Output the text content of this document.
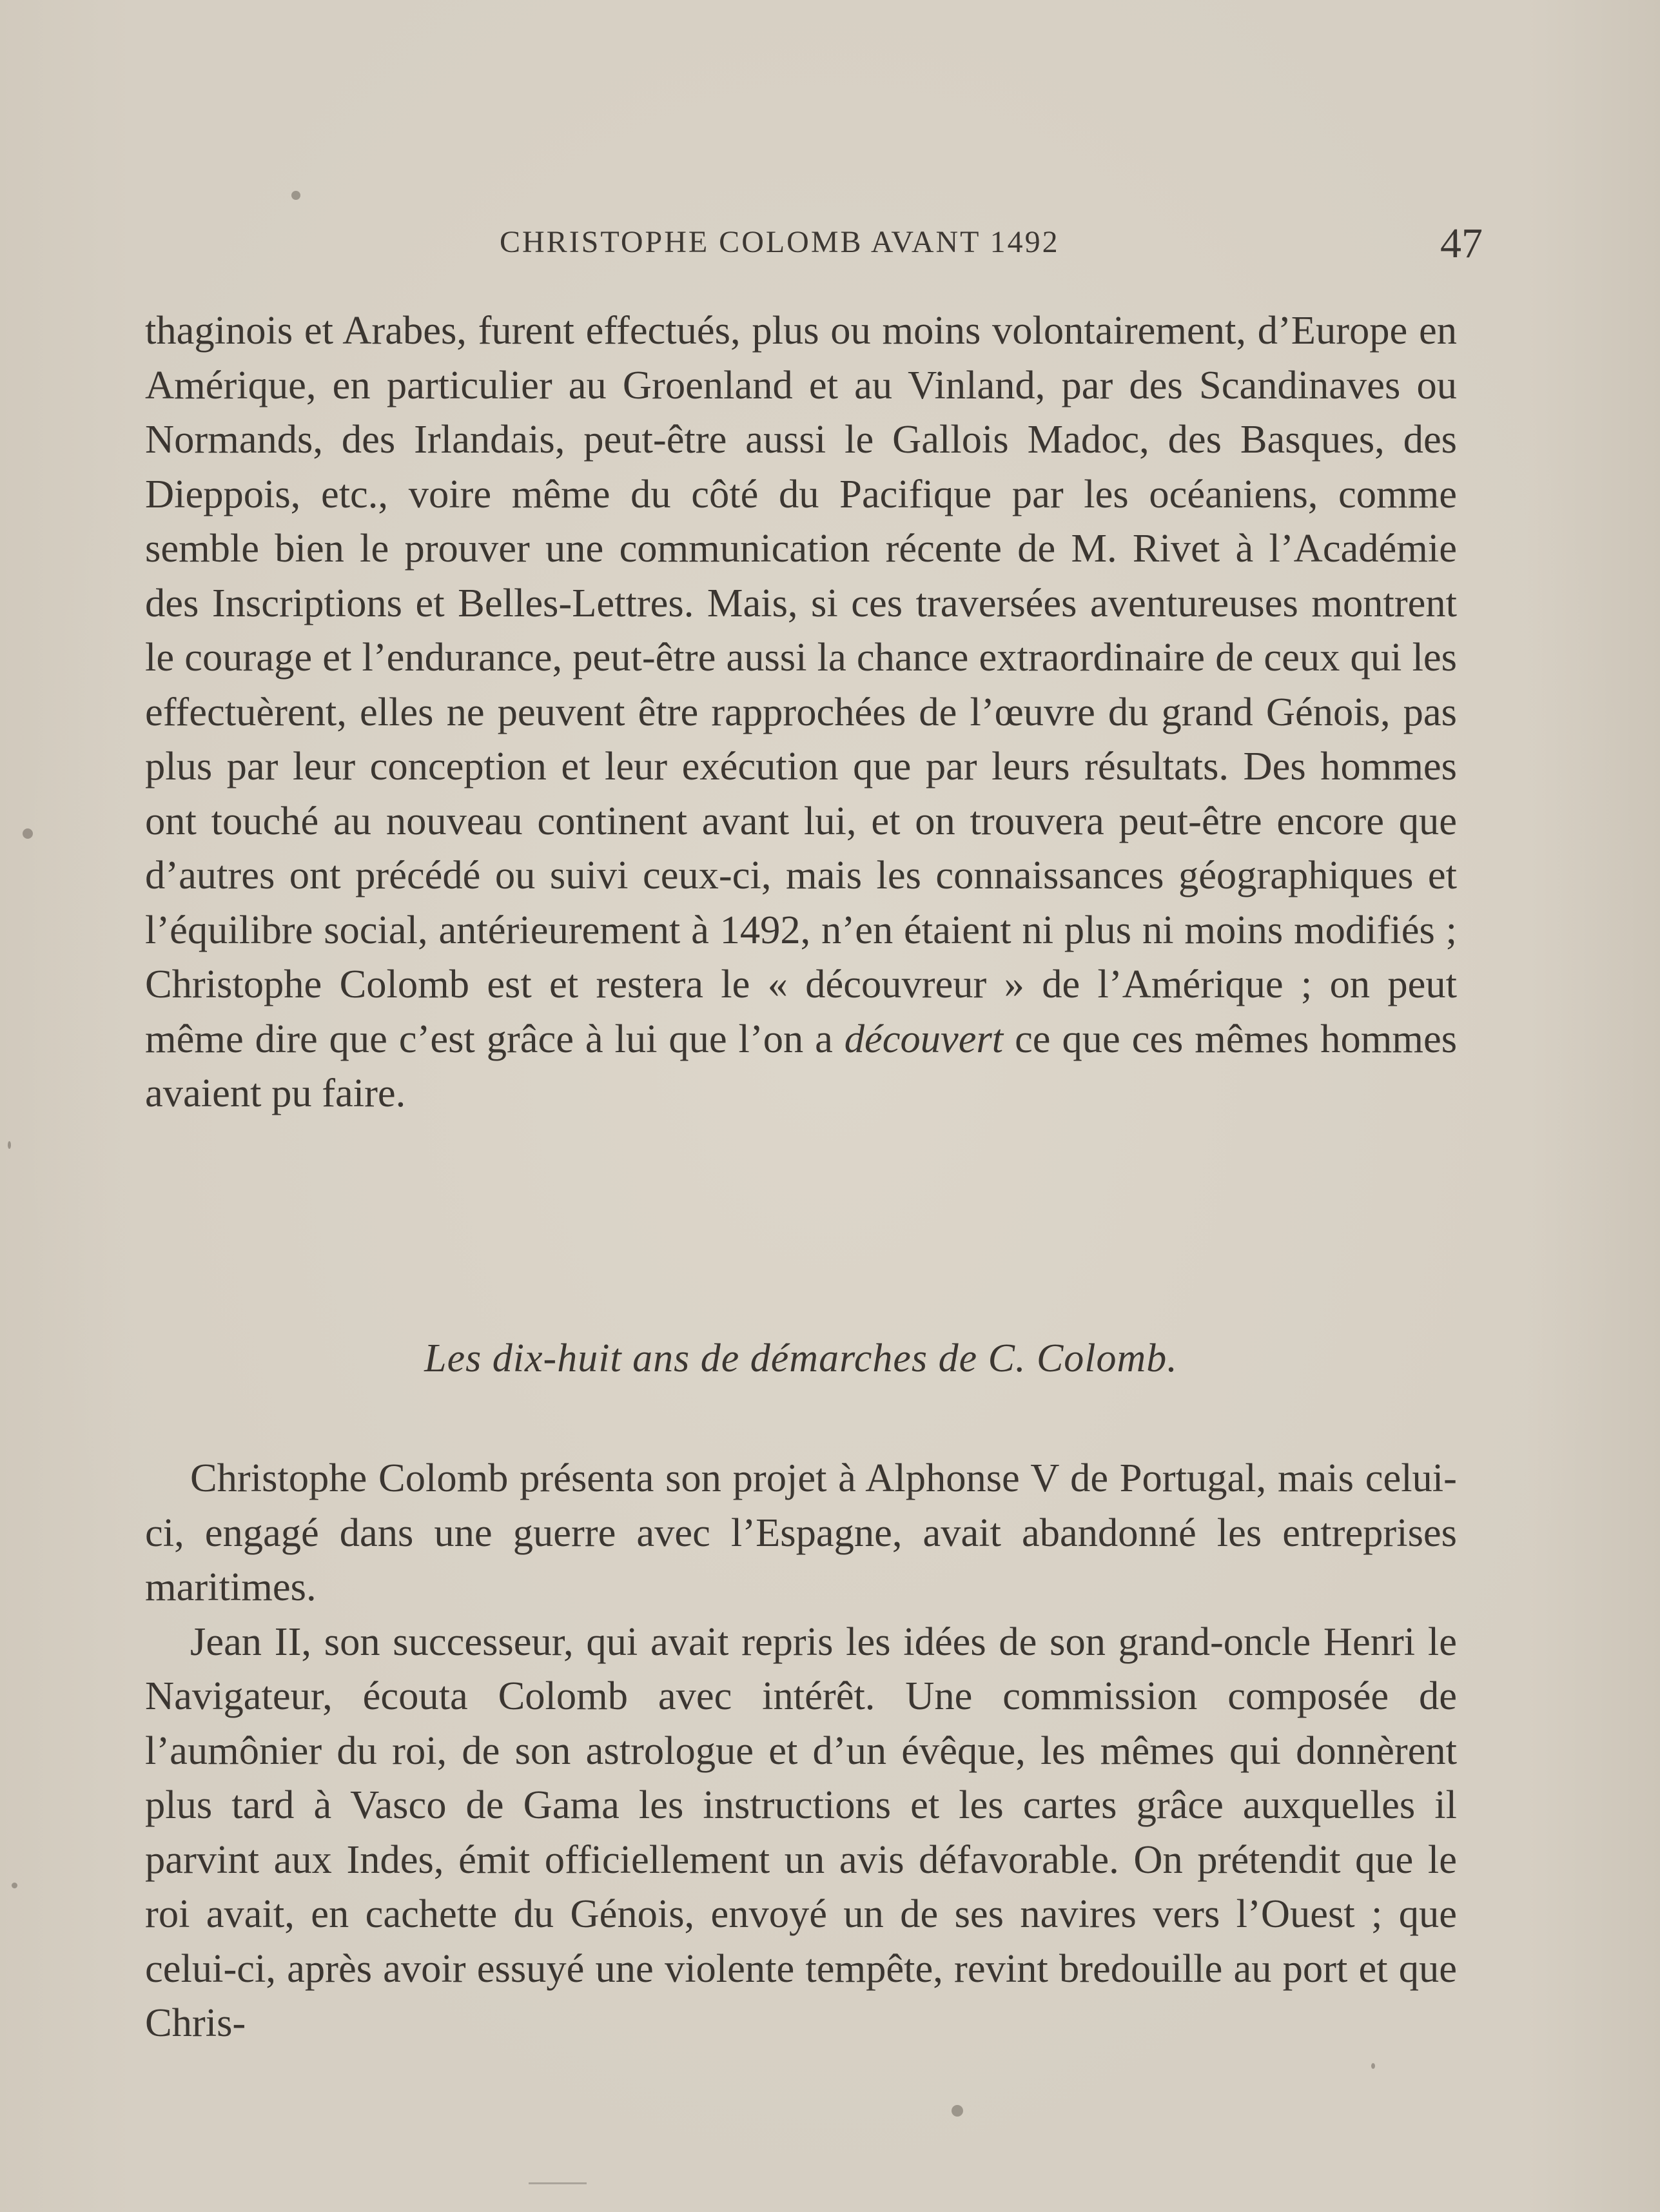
CHRISTOPHE COLOMB AVANT 1492	47

thaginois et Arabes, furent effectués, plus ou moins volontairement, d’Europe en Amérique, en particulier au Groenland et au Vinland, par des Scandinaves ou Normands, des Irlandais, peut-être aussi le Gallois Madoc, des Basques, des Dieppois, etc., voire même du côté du Pacifique par les océaniens, comme semble bien le prouver une communication récente de M. Rivet à l’Académie des Inscriptions et Belles-Lettres. Mais, si ces traversées aventureuses montrent le courage et l’endurance, peut-être aussi la chance extraordinaire de ceux qui les effectuèrent, elles ne peuvent être rapprochées de l’œuvre du grand Génois, pas plus par leur conception et leur exécution que par leurs résultats. Des hommes ont touché au nouveau continent avant lui, et on trouvera peut-être encore que d’autres ont précédé ou suivi ceux-ci, mais les connaissances géographiques et l’équilibre social, antérieurement à 1492, n’en étaient ni plus ni moins modifiés ; Christophe Colomb est et restera le « découvreur » de l’Amérique ; on peut même dire que c’est grâce à lui que l’on a découvert ce que ces mêmes hommes avaient pu faire.

Les dix-huit ans de démarches de C. Colomb.

Christophe Colomb présenta son projet à Alphonse V de Portugal, mais celui-ci, engagé dans une guerre avec l’Espagne, avait abandonné les entreprises maritimes.

Jean II, son successeur, qui avait repris les idées de son grand-oncle Henri le Navigateur, écouta Colomb avec intérêt. Une commission composée de l’aumônier du roi, de son astrologue et d’un évêque, les mêmes qui donnèrent plus tard à Vasco de Gama les instructions et les cartes grâce auxquelles il parvint aux Indes, émit officiellement un avis défavorable. On prétendit que le roi avait, en cachette du Génois, envoyé un de ses navires vers l’Ouest ; que celui-ci, après avoir essuyé une violente tempête, revint bredouille au port et que Chris-
